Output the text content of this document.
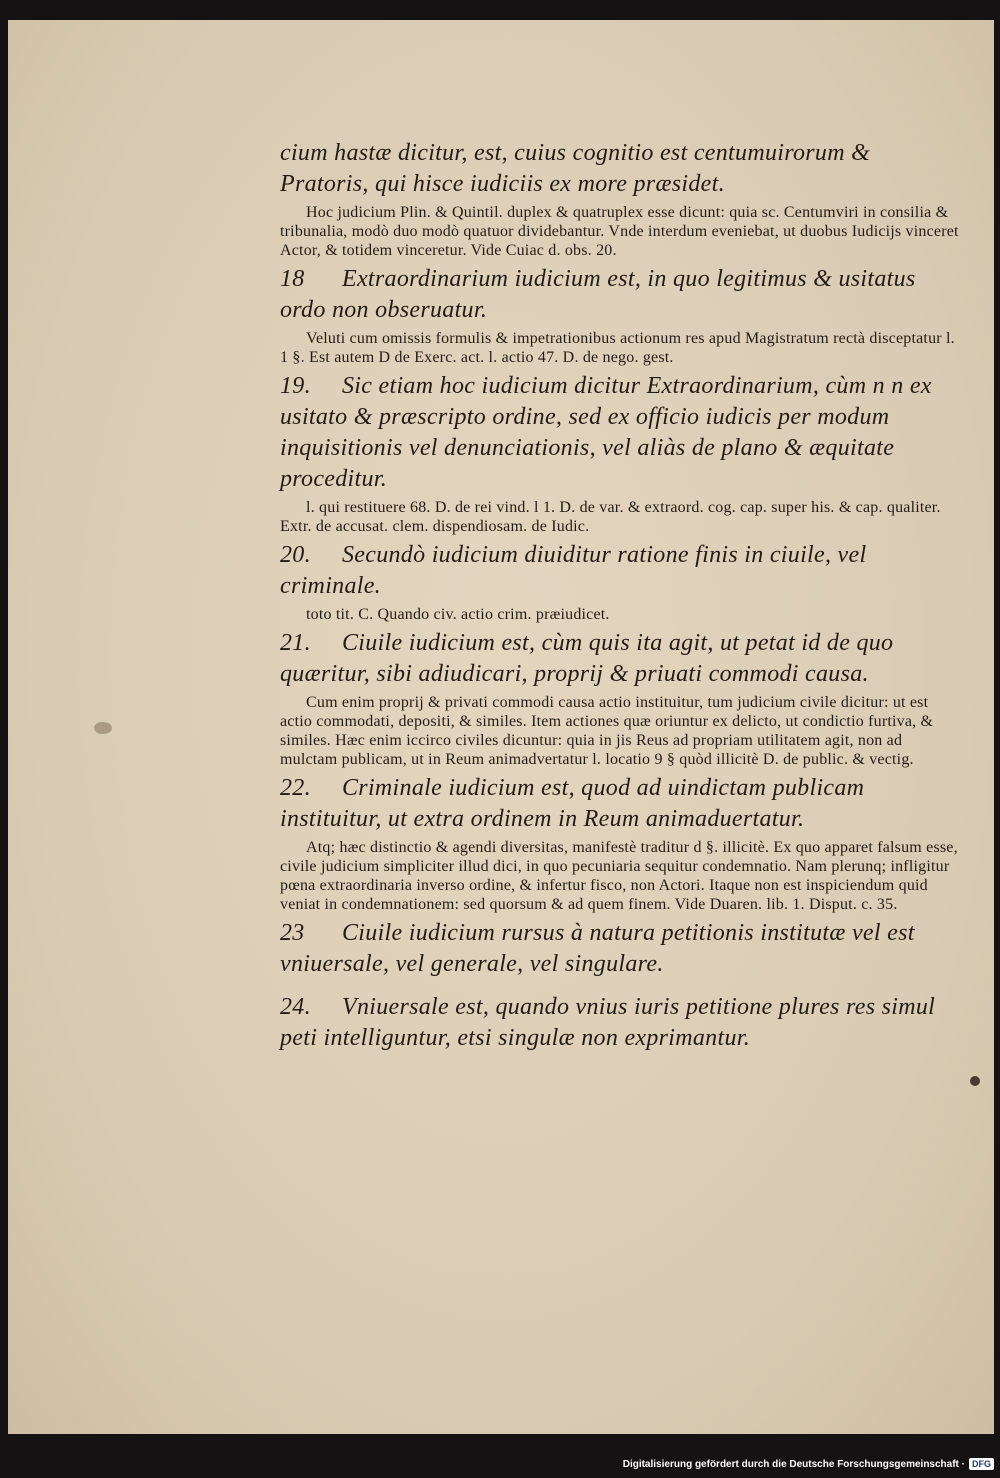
cium hastæ dicitur, est, cuius cognitio est centumuirorum &
Pratoris, qui hisce iudiciis ex more præsidet.

Hoc judicium Plin. & Quintil. duplex & quatruplex esse dicunt: quia sc. Centumviri in consilia & tribunalia, modò duo modò quatuor dividebantur. Vnde interdum eveniebat, ut duobus Iudicijs vinceret Actor, & totidem vinceretur. Vide Cuiac d. obs. 20.

18 Extraordinarium iudicium est, in quo legitimus & usitatus ordo non obseruatur.

Veluti cum omissis formulis & impetrationibus actionum res apud Magistratum rectà disceptatur l. 1 §. Est autem D de Exerc. act. l. actio 47. D. de nego. gest.

19. Sic etiam hoc iudicium dicitur Extraordinarium, cùm n n ex usitato & præscripto ordine, sed ex officio iudicis per modum inquisitionis vel denunciationis, vel aliàs de plano & æquitate proceditur.

l. qui restituere 68. D. de rei vind. l 1. D. de var. & extraord. cog. cap. super his. & cap. qualiter. Extr. de accusat. clem. dispendiosam. de Iudic.

20. Secundò iudicium diuiditur ratione finis in ciuile, vel criminale.

toto tit. C. Quando civ. actio crim. præiudicet.

21. Ciuile iudicium est, cùm quis ita agit, ut petat id de quo quæritur, sibi adiudicari, proprij & priuati commodi causa.

Cum enim proprij & privati commodi causa actio instituitur, tum judicium civile dicitur: ut est actio commodati, depositi, & similes. Item actiones quæ oriuntur ex delicto, ut condictio furtiva, & similes. Hæc enim iccirco civiles dicuntur: quia in jis Reus ad propriam utilitatem agit, non ad mulctam publicam, ut in Reum animadvertatur l. locatio 9 § quòd illicitè D. de public. & vectig.

22. Criminale iudicium est, quod ad uindictam publicam instituitur, ut extra ordinem in Reum animaduertatur.

Atq; hæc distinctio & agendi diversitas, manifestè traditur d §. illicitè. Ex quo apparet falsum esse, civile judicium simpliciter illud dici, in quo pecuniaria sequitur condemnatio. Nam plerunq; infligitur pœna extraordinaria inverso ordine, & infertur fisco, non Actori. Itaque non est inspiciendum quid veniat in condemnationem: sed quorsum & ad quem finem. Vide Duaren. lib. 1. Disput. c. 35.

23 Ciuile iudicium rursus à natura petitionis institutæ vel est vniuersale, vel generale, vel singulare.
24. Vniuersale est, quando vnius iuris petitione plures res simul peti intelliguntur, etsi singulæ non exprimantur.
Digitalisierung gefördert durch die Deutsche Forschungsgemeinschaft · DFG
